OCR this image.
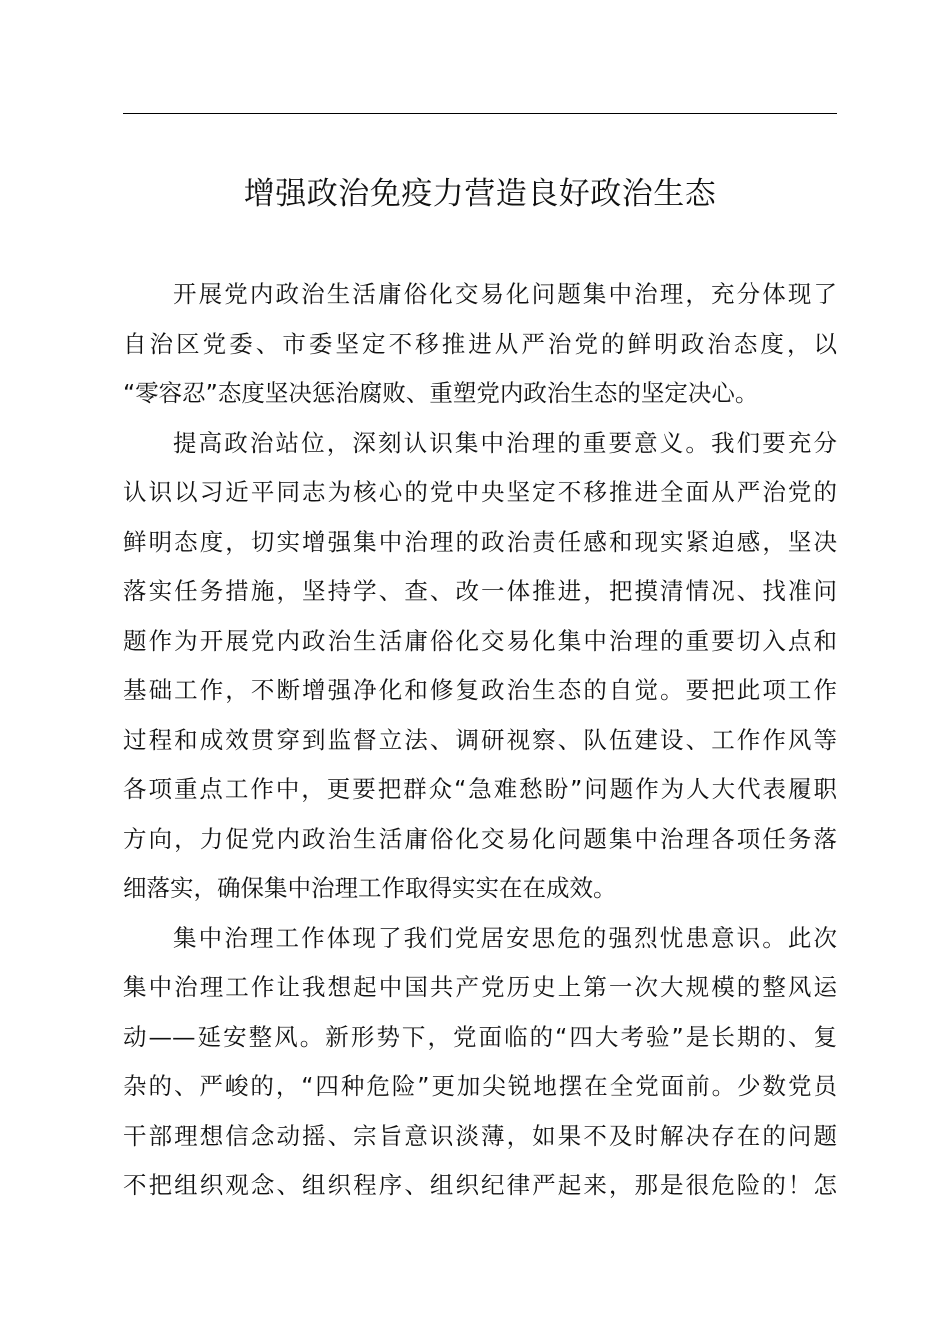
增强政治免疫力营造良好政治生态
开展党内政治生活庸俗化交易化问题集中治理，充分体现了
自治区党委、市委坚定不移推进从严治党的鲜明政治态度，以
“零容忍”态度坚决惩治腐败、重塑党内政治生态的坚定决心。
提高政治站位，深刻认识集中治理的重要意义。我们要充分
认识以习近平同志为核心的党中央坚定不移推进全面从严治党的
鲜明态度，切实增强集中治理的政治责任感和现实紧迫感，坚决
落实任务措施，坚持学、查、改一体推进，把摸清情况、找准问
题作为开展党内政治生活庸俗化交易化集中治理的重要切入点和
基础工作，不断增强净化和修复政治生态的自觉。要把此项工作
过程和成效贯穿到监督立法、调研视察、队伍建设、工作作风等
各项重点工作中，更要把群众“急难愁盼”问题作为人大代表履职
方向，力促党内政治生活庸俗化交易化问题集中治理各项任务落
细落实，确保集中治理工作取得实实在在成效。
集中治理工作体现了我们党居安思危的强烈忧患意识。此次
集中治理工作让我想起中国共产党历史上第一次大规模的整风运
动——延安整风。新形势下，党面临的“四大考验”是长期的、复
杂的、严峻的，“四种危险”更加尖锐地摆在全党面前。少数党员
干部理想信念动摇、宗旨意识淡薄，如果不及时解决存在的问题
不把组织观念、组织程序、组织纪律严起来，那是很危险的！怎
